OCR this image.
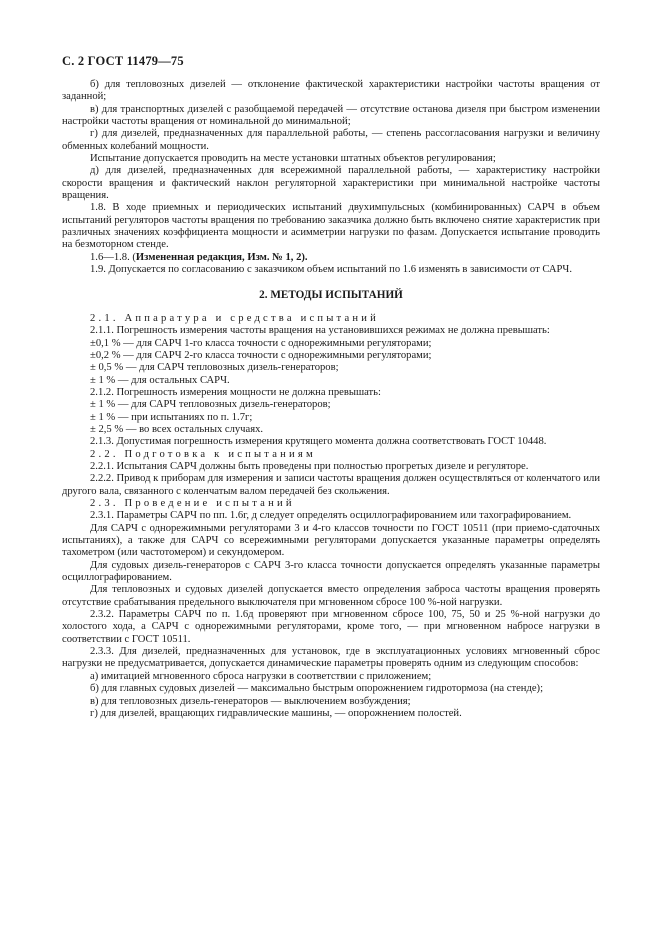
С. 2 ГОСТ 11479—75

б) для тепловозных дизелей — отклонение фактической характеристики настройки частоты вращения от заданной;

в) для транспортных дизелей с разобщаемой передачей — отсутствие останова дизеля при быстром изменении настройки частоты вращения от номинальной до минимальной;

г) для дизелей, предназначенных для параллельной работы, — степень рассогласования нагрузки и величину обменных колебаний мощности.

Испытание допускается проводить на месте установки штатных объектов регулирования;

д) для дизелей, предназначенных для всережимной параллельной работы, — характеристику настройки скорости вращения и фактический наклон регуляторной характеристики при минимальной настройке частоты вращения.

1.8. В ходе приемных и периодических испытаний двухимпульсных (комбинированных) САРЧ в объем испытаний регуляторов частоты вращения по требованию заказчика должно быть включено снятие характеристик при различных значениях коэффициента мощности и асимметрии нагрузки по фазам. Допускается испытание проводить на безмоторном стенде.

1.6—1.8. (Измененная редакция, Изм. № 1, 2).

1.9. Допускается по согласованию с заказчиком объем испытаний по 1.6 изменять в зависимости от САРЧ.

2. МЕТОДЫ ИСПЫТАНИЙ

2.1. Аппаратура и средства испытаний

2.1.1. Погрешность измерения частоты вращения на установившихся режимах не должна превышать:

±0,1 % — для САРЧ 1-го класса точности с однорежимными регуляторами;

±0,2 % — для САРЧ 2-го класса точности с однорежимными регуляторами;

± 0,5 % — для САРЧ тепловозных дизель-генераторов;

± 1 % — для остальных САРЧ.

2.1.2. Погрешность измерения мощности не должна превышать:

± 1 % — для САРЧ тепловозных дизель-генераторов;

± 1 % — при испытаниях по п. 1.7г;

± 2,5 % — во всех остальных случаях.

2.1.3. Допустимая погрешность измерения крутящего момента должна соответствовать ГОСТ 10448.

2.2. Подготовка к испытаниям

2.2.1. Испытания САРЧ должны быть проведены при полностью прогретых дизеле и регуляторе.

2.2.2. Привод к приборам для измерения и записи частоты вращения должен осуществляться от коленчатого или другого вала, связанного с коленчатым валом передачей без скольжения.

2.3. Проведение испытаний

2.3.1. Параметры САРЧ по пп. 1.6г, д следует определять осциллографированием или тахографированием.

Для САРЧ с однорежимными регуляторами 3 и 4-го классов точности по ГОСТ 10511 (при приемо-сдаточных испытаниях), а также для САРЧ со всережимными регуляторами допускается указанные параметры определять тахометром (или частотомером) и секундомером.

Для судовых дизель-генераторов с САРЧ 3-го класса точности допускается определять указанные параметры осциллографированием.

Для тепловозных и судовых дизелей допускается вместо определения заброса частоты вращения проверять отсутствие срабатывания предельного выключателя при мгновенном сбросе 100 %-ной нагрузки.

2.3.2. Параметры САРЧ по п. 1.6д проверяют при мгновенном сбросе 100, 75, 50 и 25 %-ной нагрузки до холостого хода, а САРЧ с однорежимными регуляторами, кроме того, — при мгновенном набросе нагрузки в соответствии с ГОСТ 10511.

2.3.3. Для дизелей, предназначенных для установок, где в эксплуатационных условиях мгновенный сброс нагрузки не предусматривается, допускается динамические параметры проверять одним из следующим способов:

а) имитацией мгновенного сброса нагрузки в соответствии с приложением;

б) для главных судовых дизелей — максимально быстрым опорожнением гидротормоза (на стенде);

в) для тепловозных дизель-генераторов — выключением возбуждения;

г) для дизелей, вращающих гидравлические машины, — опорожнением полостей.
